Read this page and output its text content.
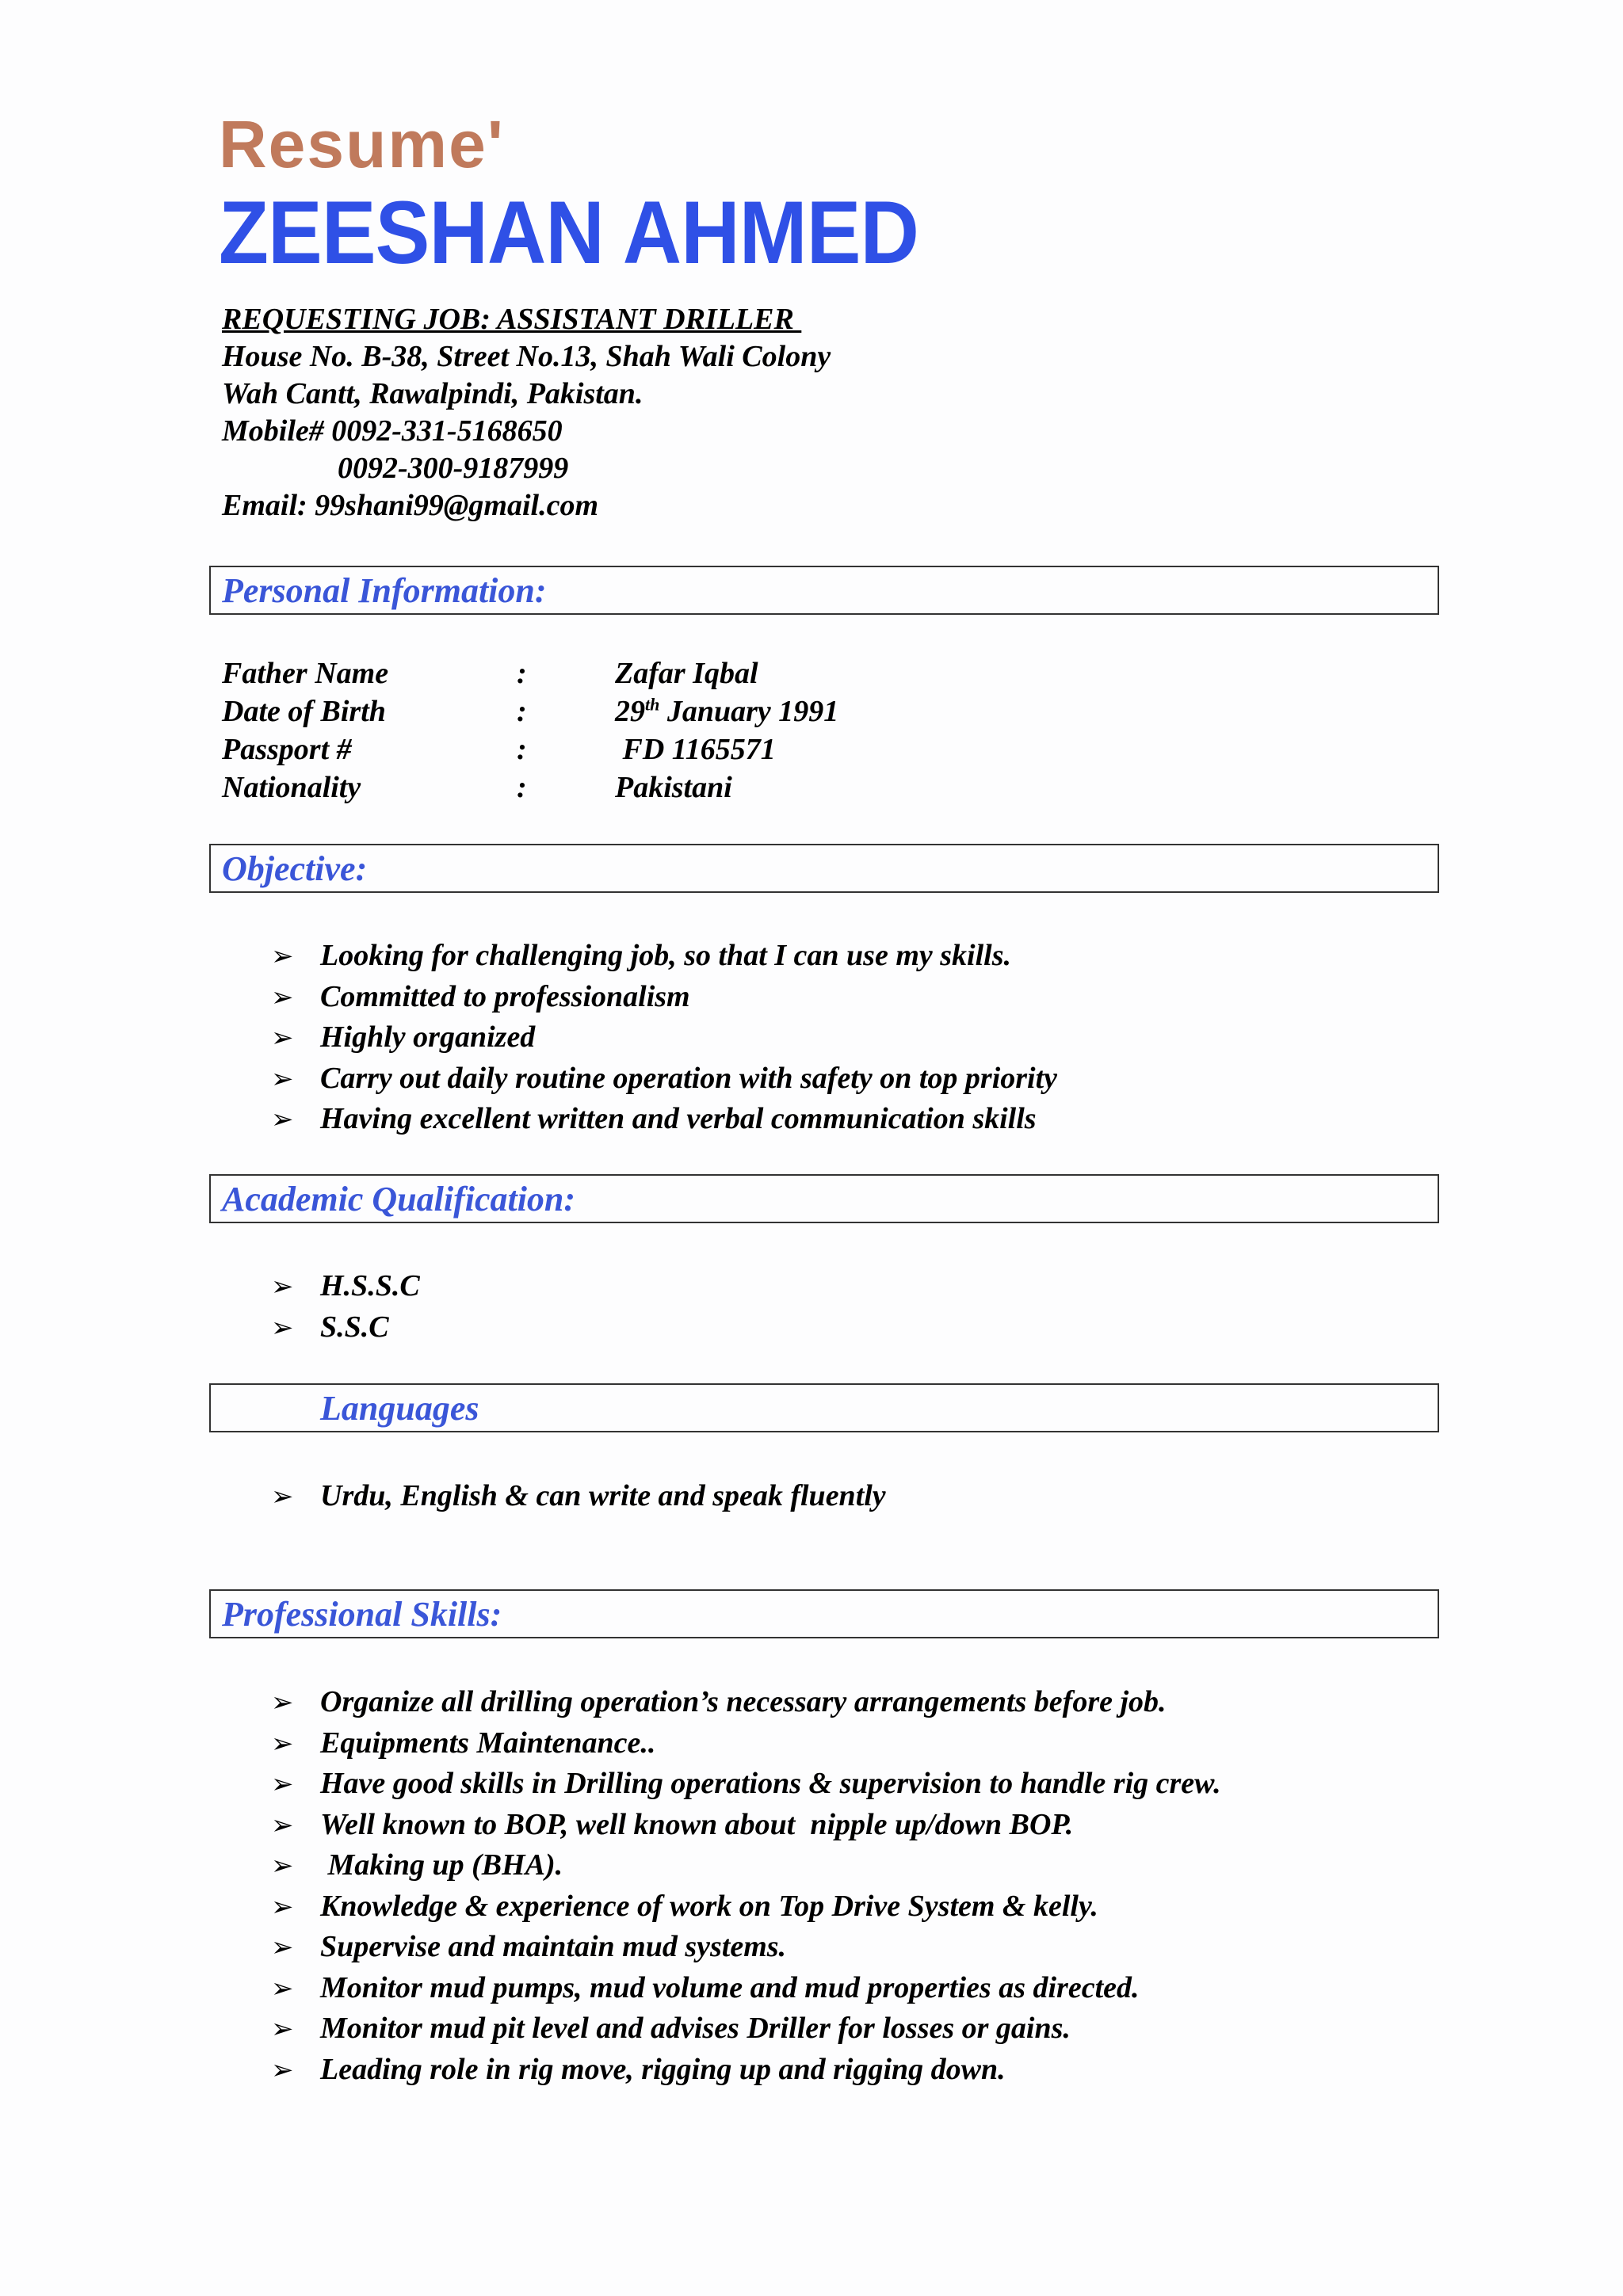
Resume'
ZEESHAN AHMED
REQUESTING JOB: ASSISTANT DRILLER
House No. B-38, Street No.13, Shah Wali Colony
Wah Cantt, Rawalpindi, Pakistan.
Mobile# 0092-331-5168650
0092-300-9187999
Email: 99shani99@gmail.com
Personal Information:
Father Name	:	Zafar Iqbal
Date of Birth	:	29th January 1991
Passport #	:	FD 1165571
Nationality	:	Pakistani
Objective:
➢ Looking for challenging job, so that I can use my skills.
➢ Committed to professionalism
➢ Highly organized
➢ Carry out daily routine operation with safety on top priority
➢ Having excellent written and verbal communication skills
Academic Qualification:
➢ H.S.S.C
➢ S.S.C
Languages
➢ Urdu, English & can write and speak fluently
Professional Skills:
➢ Organize all drilling operation’s necessary arrangements before job.
➢ Equipments Maintenance..
➢ Have good skills in Drilling operations & supervision to handle rig crew.
➢ Well known to BOP, well known about  nipple up/down BOP.
➢ Making up (BHA).
➢ Knowledge & experience of work on Top Drive System & kelly.
➢ Supervise and maintain mud systems.
➢ Monitor mud pumps, mud volume and mud properties as directed.
➢ Monitor mud pit level and advises Driller for losses or gains.
➢ Leading role in rig move, rigging up and rigging down.
